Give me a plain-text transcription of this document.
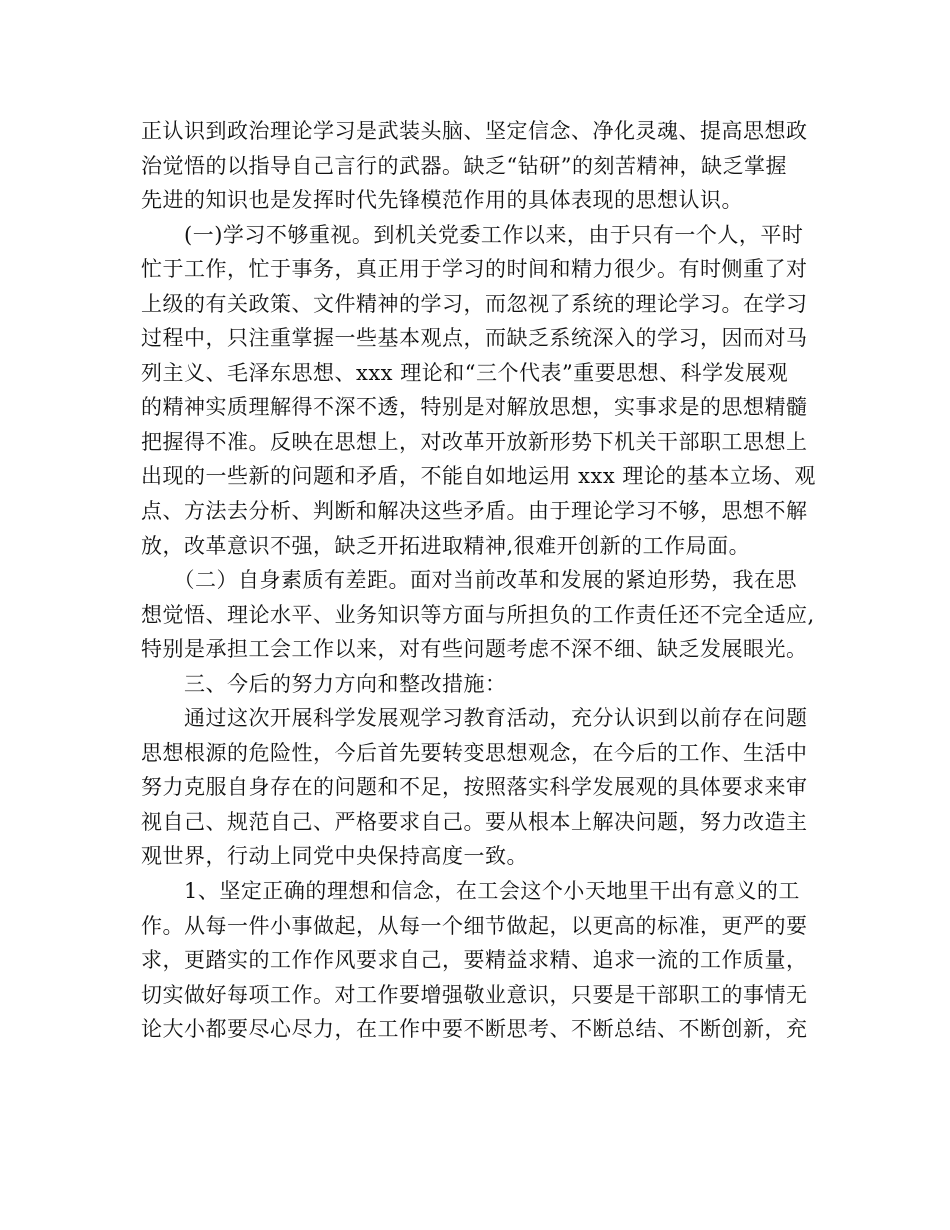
正认识到政治理论学习是武装头脑、坚定信念、净化灵魂、提高思想政
治觉悟的以指导自己言行的武器。缺乏“钻研”的刻苦精神，缺乏掌握
先进的知识也是发挥时代先锋模范作用的具体表现的思想认识。
　　(一)学习不够重视。到机关党委工作以来，由于只有一个人，平时
忙于工作，忙于事务，真正用于学习的时间和精力很少。有时侧重了对
上级的有关政策、文件精神的学习，而忽视了系统的理论学习。在学习
过程中，只注重掌握一些基本观点，而缺乏系统深入的学习，因而对马
列主义、毛泽东思想、xxx 理论和“三个代表”重要思想、科学发展观
的精神实质理解得不深不透，特别是对解放思想，实事求是的思想精髓
把握得不准。反映在思想上，对改革开放新形势下机关干部职工思想上
出现的一些新的问题和矛盾，不能自如地运用 xxx 理论的基本立场、观
点、方法去分析、判断和解决这些矛盾。由于理论学习不够，思想不解
放，改革意识不强，缺乏开拓进取精神,很难开创新的工作局面。
　　（二）自身素质有差距。面对当前改革和发展的紧迫形势，我在思
想觉悟、理论水平、业务知识等方面与所担负的工作责任还不完全适应,
特别是承担工会工作以来，对有些问题考虑不深不细、缺乏发展眼光。
　　三、今后的努力方向和整改措施：
　　通过这次开展科学发展观学习教育活动，充分认识到以前存在问题
思想根源的危险性，今后首先要转变思想观念，在今后的工作、生活中
努力克服自身存在的问题和不足，按照落实科学发展观的具体要求来审
视自己、规范自己、严格要求自己。要从根本上解决问题，努力改造主
观世界，行动上同党中央保持高度一致。
　　1、坚定正确的理想和信念，在工会这个小天地里干出有意义的工
作。从每一件小事做起，从每一个细节做起，以更高的标准，更严的要
求，更踏实的工作作风要求自己，要精益求精、追求一流的工作质量，
切实做好每项工作。对工作要增强敬业意识，只要是干部职工的事情无
论大小都要尽心尽力，在工作中要不断思考、不断总结、不断创新，充
